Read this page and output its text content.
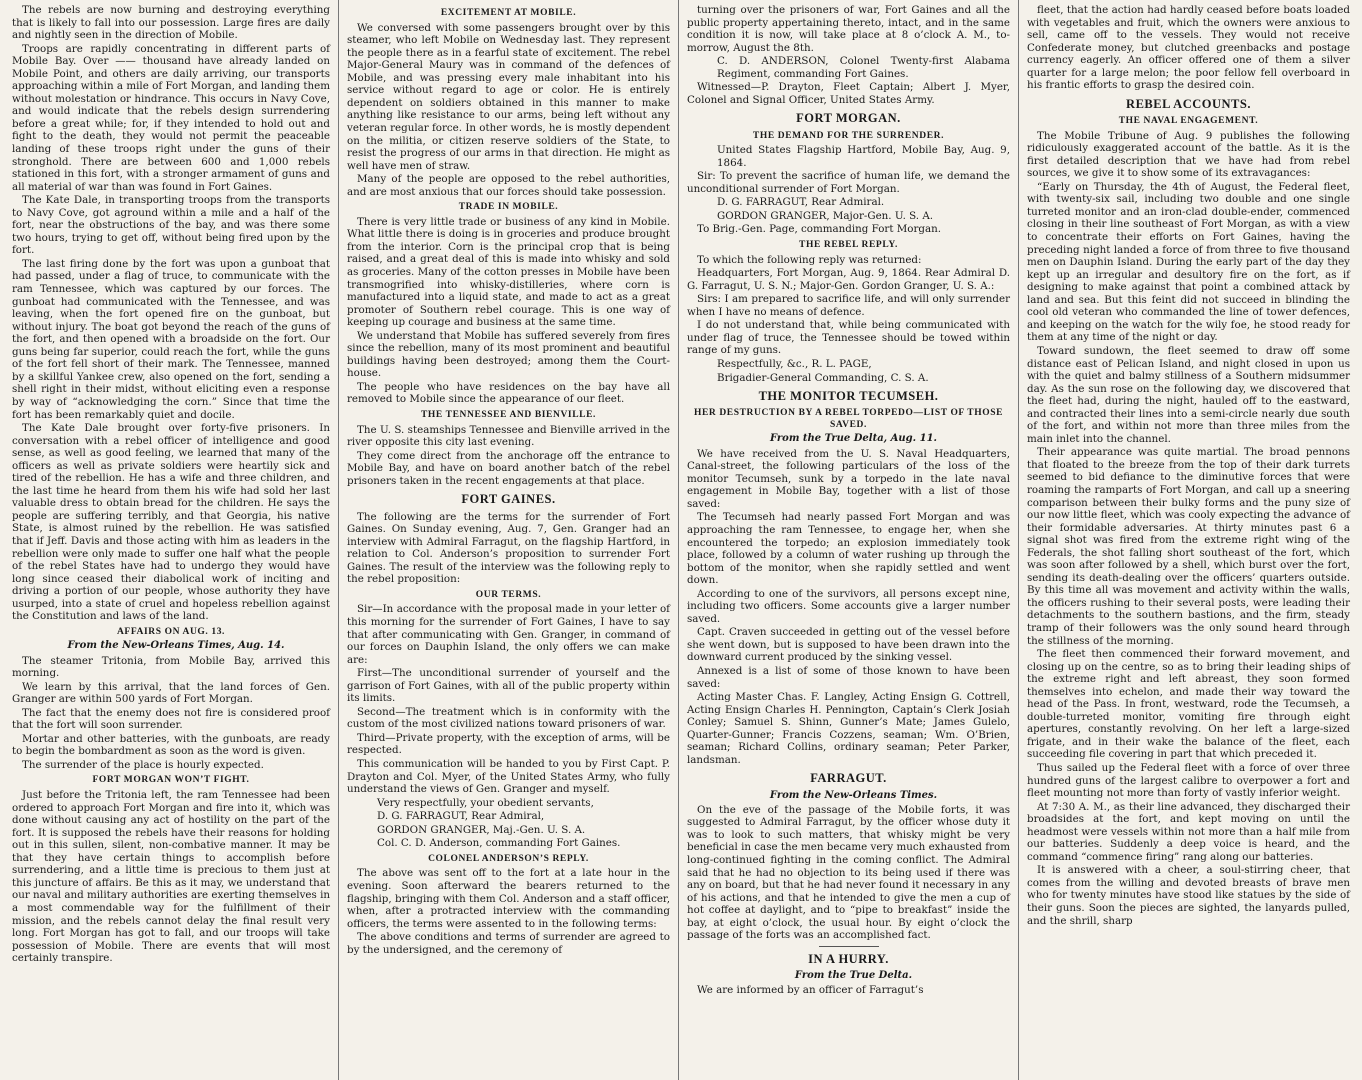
The rebels are now burning and destroying everything that is likely to fall into our possession. Large fires are daily and nightly seen in the direction of Mobile.

Troops are rapidly concentrating in different parts of Mobile Bay. Over —— thousand have already landed on Mobile Point, and others are daily arriving, our transports approaching within a mile of Fort Morgan, and landing them without molestation or hindrance. This occurs in Navy Cove, and would indicate that the rebels design surrendering before a great while; for, if they intended to hold out and fight to the death, they would not permit the peaceable landing of these troops right under the guns of their stronghold. There are between 600 and 1,000 rebels stationed in this fort, with a stronger armament of guns and all material of war than was found in Fort Gaines.

The Kate Dale, in transporting troops from the transports to Navy Cove, got aground within a mile and a half of the fort, near the obstructions of the bay, and was there some two hours, trying to get off, without being fired upon by the fort.

The last firing done by the fort was upon a gunboat that had passed, under a flag of truce, to communicate with the ram Tennessee, which was captured by our forces. The gunboat had communicated with the Tennessee, and was leaving, when the fort opened fire on the gunboat, but without injury. The boat got beyond the reach of the guns of the fort, and then opened with a broadside on the fort. Our guns being far superior, could reach the fort, while the guns of the fort fell short of their mark. The Tennessee, manned by a skillful Yankee crew, also opened on the fort, sending a shell right in their midst, without eliciting even a response by way of “acknowledging the corn.” Since that time the fort has been remarkably quiet and docile.

The Kate Dale brought over forty-five prisoners. In conversation with a rebel officer of intelligence and good sense, as well as good feeling, we learned that many of the officers as well as private soldiers were heartily sick and tired of the rebellion. He has a wife and three children, and the last time he heard from them his wife had sold her last valuable dress to obtain bread for the children. He says the people are suffering terribly, and that Georgia, his native State, is almost ruined by the rebellion. He was satisfied that if Jeff. Davis and those acting with him as leaders in the rebellion were only made to suffer one half what the people of the rebel States have had to undergo they would have long since ceased their diabolical work of inciting and driving a portion of our people, whose authority they have usurped, into a state of cruel and hopeless rebellion against the Constitution and laws of the land.

AFFAIRS ON AUG. 13.

From the New-Orleans Times, Aug. 14.

The steamer Tritonia, from Mobile Bay, arrived this morning.

We learn by this arrival, that the land forces of Gen. Granger are within 500 yards of Fort Morgan.

The fact that the enemy does not fire is considered proof that the fort will soon surrender.

Mortar and other batteries, with the gunboats, are ready to begin the bombardment as soon as the word is given.

The surrender of the place is hourly expected.

FORT MORGAN WON’T FIGHT.

Just before the Tritonia left, the ram Tennessee had been ordered to approach Fort Morgan and fire into it, which was done without causing any act of hostility on the part of the fort. It is supposed the rebels have their reasons for holding out in this sullen, silent, non-combative manner. It may be that they have certain things to accomplish before surrendering, and a little time is precious to them just at this juncture of affairs. Be this as it may, we understand that our naval and military authorities are exerting themselves in a most commendable way for the fulfillment of their mission, and the rebels cannot delay the final result very long. Fort Morgan has got to fall, and our troops will take possession of Mobile. There are events that will most certainly transpire.

EXCITEMENT AT MOBILE.

We conversed with some passengers brought over by this steamer, who left Mobile on Wednesday last. They represent the people there as in a fearful state of excitement. The rebel Major-General Maury was in command of the defences of Mobile, and was pressing every male inhabitant into his service without regard to age or color. He is entirely dependent on soldiers obtained in this manner to make anything like resistance to our arms, being left without any veteran regular force. In other words, he is mostly dependent on the militia, or citizen reserve soldiers of the State, to resist the progress of our arms in that direction. He might as well have men of straw.

Many of the people are opposed to the rebel authorities, and are most anxious that our forces should take possession.

TRADE IN MOBILE.

There is very little trade or business of any kind in Mobile. What little there is doing is in groceries and produce brought from the interior. Corn is the principal crop that is being raised, and a great deal of this is made into whisky and sold as groceries. Many of the cotton presses in Mobile have been transmogrified into whisky-distilleries, where corn is manufactured into a liquid state, and made to act as a great promoter of Southern rebel courage. This is one way of keeping up courage and business at the same time.

We understand that Mobile has suffered severely from fires since the rebellion, many of its most prominent and beautiful buildings having been destroyed; among them the Court-house.

The people who have residences on the bay have all removed to Mobile since the appearance of our fleet.

THE TENNESSEE AND BIENVILLE.

The U. S. steamships Tennessee and Bienville arrived in the river opposite this city last evening.

They come direct from the anchorage off the entrance to Mobile Bay, and have on board another batch of the rebel prisoners taken in the recent engagements at that place.

FORT GAINES.

The following are the terms for the surrender of Fort Gaines. On Sunday evening, Aug. 7, Gen. Granger had an interview with Admiral Farragut, on the flagship Hartford, in relation to Col. Anderson’s proposition to surrender Fort Gaines. The result of the interview was the following reply to the rebel proposition:

OUR TERMS.

Sir—In accordance with the proposal made in your letter of this morning for the surrender of Fort Gaines, I have to say that after communicating with Gen. Granger, in command of our forces on Dauphin Island, the only offers we can make are:

First—The unconditional surrender of yourself and the garrison of Fort Gaines, with all of the public property within its limits.

Second—The treatment which is in conformity with the custom of the most civilized nations toward prisoners of war.

Third—Private property, with the exception of arms, will be respected.

This communication will be handed to you by First Capt. P. Drayton and Col. Myer, of the United States Army, who fully understand the views of Gen. Granger and myself.

Very respectfully, your obedient servants,

D. G. FARRAGUT, Rear Admiral,

GORDON GRANGER, Maj.-Gen. U. S. A.

Col. C. D. Anderson, commanding Fort Gaines.

COLONEL ANDERSON’S REPLY.

The above was sent off to the fort at a late hour in the evening. Soon afterward the bearers returned to the flagship, bringing with them Col. Anderson and a staff officer, when, after a protracted interview with the commanding officers, the terms were assented to in the following terms:

The above conditions and terms of surrender are agreed to by the undersigned, and the ceremony of

turning over the prisoners of war, Fort Gaines and all the public property appertaining thereto, intact, and in the same condition it is now, will take place at 8 o’clock A. M., to-morrow, August the 8th.

C. D. ANDERSON, Colonel Twenty-first Alabama Regiment, commanding Fort Gaines.

Witnessed—P. Drayton, Fleet Captain; Albert J. Myer, Colonel and Signal Officer, United States Army.

FORT MORGAN.
THE DEMAND FOR THE SURRENDER.

United States Flagship Hartford, Mobile Bay, Aug. 9, 1864.

Sir: To prevent the sacrifice of human life, we demand the unconditional surrender of Fort Morgan.

D. G. FARRAGUT, Rear Admiral.

GORDON GRANGER, Major-Gen. U. S. A.

To Brig.-Gen. Page, commanding Fort Morgan.

THE REBEL REPLY.

To which the following reply was returned:

Headquarters, Fort Morgan, Aug. 9, 1864. Rear Admiral D. G. Farragut, U. S. N.; Major-Gen. Gordon Granger, U. S. A.:

Sirs: I am prepared to sacrifice life, and will only surrender when I have no means of defence.

I do not understand that, while being communicated with under flag of truce, the Tennessee should be towed within range of my guns.

Respectfully, &c., R. L. PAGE,

Brigadier-General Commanding, C. S. A.

THE MONITOR TECUMSEH.
HER DESTRUCTION BY A REBEL TORPEDO—LIST OF THOSE SAVED.

From the True Delta, Aug. 11.

We have received from the U. S. Naval Headquarters, Canal-street, the following particulars of the loss of the monitor Tecumseh, sunk by a torpedo in the late naval engagement in Mobile Bay, together with a list of those saved:

The Tecumseh had nearly passed Fort Morgan and was approaching the ram Tennessee, to engage her, when she encountered the torpedo; an explosion immediately took place, followed by a column of water rushing up through the bottom of the monitor, when she rapidly settled and went down.

According to one of the survivors, all persons except nine, including two officers. Some accounts give a larger number saved.

Capt. Craven succeeded in getting out of the vessel before she went down, but is supposed to have been drawn into the downward current produced by the sinking vessel.

Annexed is a list of some of those known to have been saved:

Acting Master Chas. F. Langley, Acting Ensign G. Cottrell, Acting Ensign Charles H. Pennington, Captain’s Clerk Josiah Conley; Samuel S. Shinn, Gunner’s Mate; James Gulelo, Quarter-Gunner; Francis Cozzens, seaman; Wm. O’Brien, seaman; Richard Collins, ordinary seaman; Peter Parker, landsman.

FARRAGUT.

From the New-Orleans Times.

On the eve of the passage of the Mobile forts, it was suggested to Admiral Farragut, by the officer whose duty it was to look to such matters, that whisky might be very beneficial in case the men became very much exhausted from long-continued fighting in the coming conflict. The Admiral said that he had no objection to its being used if there was any on board, but that he had never found it necessary in any of his actions, and that he intended to give the men a cup of hot coffee at daylight, and to “pipe to breakfast” inside the bay, at eight o’clock, the usual hour. By eight o’clock the passage of the forts was an accomplished fact.

IN A HURRY.

From the True Delta.

We are informed by an officer of Farragut’s

fleet, that the action had hardly ceased before boats loaded with vegetables and fruit, which the owners were anxious to sell, came off to the vessels. They would not receive Confederate money, but clutched greenbacks and postage currency eagerly. An officer offered one of them a silver quarter for a large melon; the poor fellow fell overboard in his frantic efforts to grasp the desired coin.

REBEL ACCOUNTS.
THE NAVAL ENGAGEMENT.

The Mobile Tribune of Aug. 9 publishes the following ridiculously exaggerated account of the battle. As it is the first detailed description that we have had from rebel sources, we give it to show some of its extravagances:

“Early on Thursday, the 4th of August, the Federal fleet, with twenty-six sail, including two double and one single turreted monitor and an iron-clad double-ender, commenced closing in their line southeast of Fort Morgan, as with a view to concentrate their efforts on Fort Gaines, having the preceding night landed a force of from three to five thousand men on Dauphin Island. During the early part of the day they kept up an irregular and desultory fire on the fort, as if designing to make against that point a combined attack by land and sea. But this feint did not succeed in blinding the cool old veteran who commanded the line of tower defences, and keeping on the watch for the wily foe, he stood ready for them at any time of the night or day.

Toward sundown, the fleet seemed to draw off some distance east of Pelican Island, and night closed in upon us with the quiet and balmy stillness of a Southern midsummer day. As the sun rose on the following day, we discovered that the fleet had, during the night, hauled off to the eastward, and contracted their lines into a semi-circle nearly due south of the fort, and within not more than three miles from the main inlet into the channel.

Their appearance was quite martial. The broad pennons that floated to the breeze from the top of their dark turrets seemed to bid defiance to the diminutive forces that were roaming the ramparts of Fort Morgan, and call up a sneering comparison between their bulky forms and the puny size of our now little fleet, which was cooly expecting the advance of their formidable adversaries. At thirty minutes past 6 a signal shot was fired from the extreme right wing of the Federals, the shot falling short southeast of the fort, which was soon after followed by a shell, which burst over the fort, sending its death-dealing over the officers’ quarters outside. By this time all was movement and activity within the walls, the officers rushing to their several posts, were leading their detachments to the southern bastions, and the firm, steady tramp of their followers was the only sound heard through the stillness of the morning.

The fleet then commenced their forward movement, and closing up on the centre, so as to bring their leading ships of the extreme right and left abreast, they soon formed themselves into echelon, and made their way toward the head of the Pass. In front, westward, rode the Tecumseh, a double-turreted monitor, vomiting fire through eight apertures, constantly revolving. On her left a large-sized frigate, and in their wake the balance of the fleet, each succeeding file covering in part that which preceded it.

Thus sailed up the Federal fleet with a force of over three hundred guns of the largest calibre to overpower a fort and fleet mounting not more than forty of vastly inferior weight.

At 7:30 A. M., as their line advanced, they discharged their broadsides at the fort, and kept moving on until the headmost were vessels within not more than a half mile from our batteries. Suddenly a deep voice is heard, and the command “commence firing” rang along our batteries.

It is answered with a cheer, a soul-stirring cheer, that comes from the willing and devoted breasts of brave men who for twenty minutes have stood like statues by the side of their guns. Soon the pieces are sighted, the lanyards pulled, and the shrill, sharp
